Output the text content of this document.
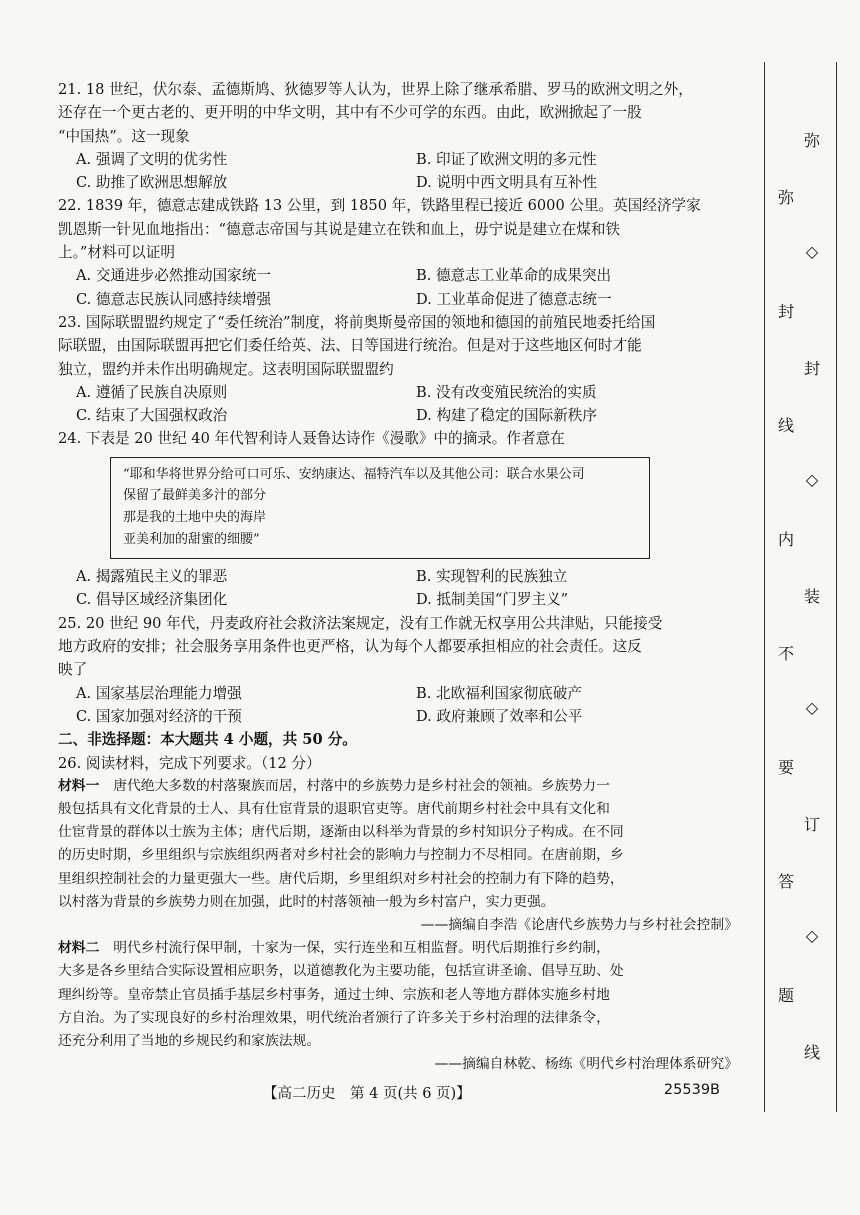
21. 18 世纪，伏尔泰、孟德斯鸠、狄德罗等人认为，世界上除了继承希腊、罗马的欧洲文明之外，
还存在一个更古老的、更开明的中华文明，其中有不少可学的东西。由此，欧洲掀起了一股
“中国热”。这一现象
A. 强调了文明的优劣性	B. 印证了欧洲文明的多元性
C. 助推了欧洲思想解放	D. 说明中西文明具有互补性
22. 1839 年，德意志建成铁路 13 公里，到 1850 年，铁路里程已接近 6000 公里。英国经济学家
凯恩斯一针见血地指出：“德意志帝国与其说是建立在铁和血上，毋宁说是建立在煤和铁
上。”材料可以证明
A. 交通进步必然推动国家统一	B. 德意志工业革命的成果突出
C. 德意志民族认同感持续增强	D. 工业革命促进了德意志统一
23. 国际联盟盟约规定了“委任统治”制度，将前奥斯曼帝国的领地和德国的前殖民地委托给国
际联盟，由国际联盟再把它们委任给英、法、日等国进行统治。但是对于这些地区何时才能
独立，盟约并未作出明确规定。这表明国际联盟盟约
A. 遵循了民族自决原则	B. 没有改变殖民统治的实质
C. 结束了大国强权政治	D. 构建了稳定的国际新秩序
24. 下表是 20 世纪 40 年代智利诗人聂鲁达诗作《漫歌》中的摘录。作者意在
“耶和华将世界分给可口可乐、安纳康达、福特汽车以及其他公司：联合水果公司
保留了最鲜美多汁的部分
那是我的土地中央的海岸
亚美利加的甜蜜的细腰”
A. 揭露殖民主义的罪恶	B. 实现智利的民族独立
C. 倡导区域经济集团化	D. 抵制美国“门罗主义”
25. 20 世纪 90 年代，丹麦政府社会救济法案规定，没有工作就无权享用公共津贴，只能接受
地方政府的安排；社会服务享用条件也更严格，认为每个人都要承担相应的社会责任。这反
映了
A. 国家基层治理能力增强	B. 北欧福利国家彻底破产
C. 国家加强对经济的干预	D. 政府兼顾了效率和公平
二、非选择题：本大题共 4 小题，共 50 分。
26. 阅读材料，完成下列要求。（12 分）
材料一　 唐代绝大多数的村落聚族而居，村落中的乡族势力是乡村社会的领袖。乡族势力一
般包括具有文化背景的士人、具有仕宦背景的退职官吏等。唐代前期乡村社会中具有文化和
仕宦背景的群体以士族为主体；唐代后期，逐渐由以科举为背景的乡村知识分子构成。在不同
的历史时期，乡里组织与宗族组织两者对乡村社会的影响力与控制力不尽相同。在唐前期，乡
里组织控制社会的力量更强大一些。唐代后期，乡里组织对乡村社会的控制力有下降的趋势，
以村落为背景的乡族势力则在加强，此时的村落领袖一般为乡村富户，实力更强。
——摘编自李浩《论唐代乡族势力与乡村社会控制》
材料二　 明代乡村流行保甲制，十家为一保，实行连坐和互相监督。明代后期推行乡约制，
大多是各乡里结合实际设置相应职务，以道德教化为主要功能，包括宣讲圣谕、倡导互助、处
理纠纷等。皇帝禁止官员插手基层乡村事务，通过士绅、宗族和老人等地方群体实施乡村地
方自治。为了实现良好的乡村治理效果，明代统治者颁行了许多关于乡村治理的法律条令，
还充分利用了当地的乡规民约和家族法规。
——摘编自林乾、杨练《明代乡村治理体系研究》
【高二历史　第 4 页(共 6 页)】	25539B
弥
封
线
内
不
要
答
题
弥
◇
封
◇
装
◇
订
◇
线
